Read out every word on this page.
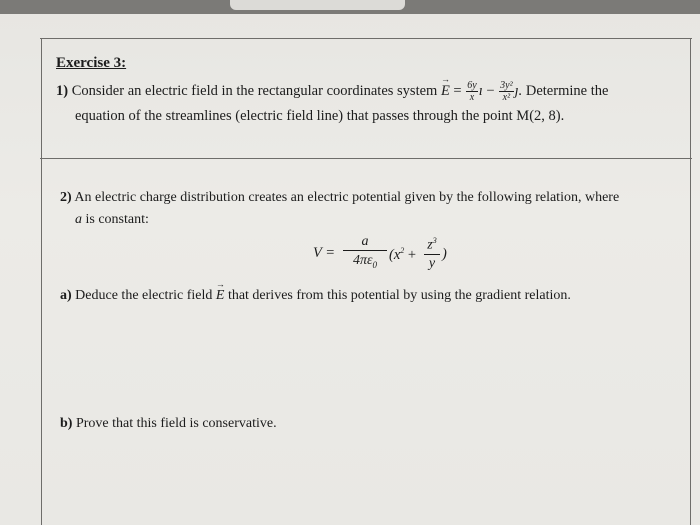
Exercise 3:
1) Consider an electric field in the rectangular coordinates system → $E = \frac{6y}{x}$ ı − $\frac{\text{3y²}}{\text{x²}}$ ȷ. Determine the
equation of the streamlines (electric field line) that passes through the point M(2, 8).
2) An electric charge distribution creates an electric potential given by the following relation, where
a is constant:
V =
a
$4\pi\varepsilon_0$
($x^2$ +
$z^3$
y
)
a) Deduce the electric field → E that derives from this potential by using the gradient relation.
b) Prove that this field is conservative.
